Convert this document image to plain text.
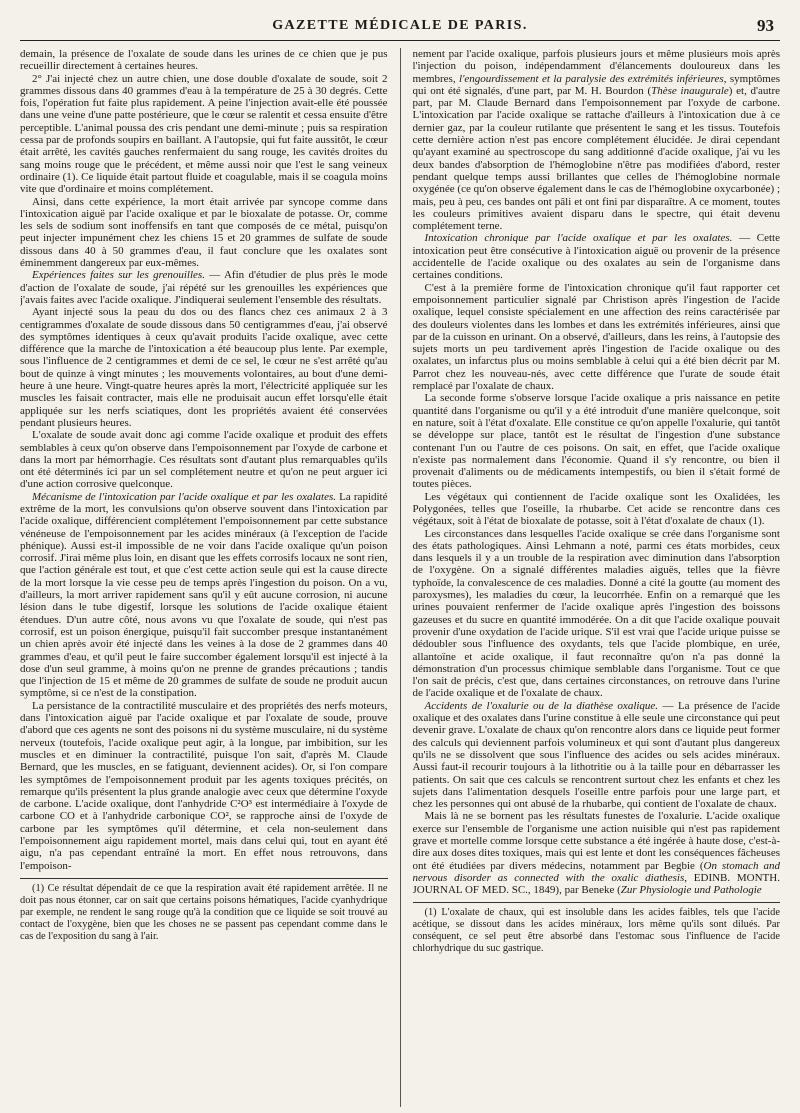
GAZETTE MÉDICALE DE PARIS.	93

demain, la présence de l'oxalate de soude dans les urines de ce chien que je pus recueillir directement à certaines heures.

2° J'ai injecté chez un autre chien, une dose double d'oxalate de soude, soit 2 grammes dissous dans 40 grammes d'eau à la température de 25 à 30 degrés. Cette fois, l'opération fut faite plus rapidement. A peine l'injection avait-elle été poussée dans une veine d'une patte postérieure, que le cœur se ralentit et cessa ensuite d'être perceptible. L'animal poussa des cris pendant une demi-minute ; puis sa respiration cessa par de profonds soupirs en baillant. A l'autopsie, qui fut faite aussitôt, le cœur était arrêté, les cavités gauches renfermaient du sang rouge, les cavités droites du sang moins rouge que le précédent, et même aussi noir que l'est le sang veineux ordinaire (1). Ce liquide était partout fluide et coagulable, mais il se coagula moins vite que d'ordinaire et moins complétement.

Ainsi, dans cette expérience, la mort était arrivée par syncope comme dans l'intoxication aiguë par l'acide oxalique et par le bioxalate de potasse. Or, comme les sels de sodium sont inoffensifs en tant que composés de ce métal, puisqu'on peut injecter impunément chez les chiens 15 et 20 grammes de sulfate de soude dissous dans 40 à 50 grammes d'eau, il faut conclure que les oxalates sont éminemment dangereux par eux-mêmes.

Expériences faites sur les grenouilles. — Afin d'étudier de plus près le mode d'action de l'oxalate de soude, j'ai répété sur les grenouilles les expériences que j'avais faites avec l'acide oxalique. J'indiquerai seulement l'ensemble des résultats.

Ayant injecté sous la peau du dos ou des flancs chez ces animaux 2 à 3 centigrammes d'oxalate de soude dissous dans 50 centigrammes d'eau, j'ai observé des symptômes identiques à ceux qu'avait produits l'acide oxalique, avec cette différence que la marche de l'intoxication a été beaucoup plus lente. Par exemple, sous l'influence de 2 centigrammes et demi de ce sel, le cœur ne s'est arrêté qu'au bout de quinze à vingt minutes ; les mouvements volontaires, au bout d'une demi-heure à une heure. Vingt-quatre heures après la mort, l'électricité appliquée sur les muscles les faisait contracter, mais elle ne produisait aucun effet lorsqu'elle était appliquée sur les nerfs sciatiques, dont les propriétés avaient été conservées pendant plusieurs heures.

L'oxalate de soude avait donc agi comme l'acide oxalique et produit des effets semblables à ceux qu'on observe dans l'empoisonnement par l'oxyde de carbone et dans la mort par hémorrhagie. Ces résultats sont d'autant plus remarquables qu'ils ont été déterminés ici par un sel complétement neutre et qu'on ne peut arguer ici d'une action corrosive quelconque.

Mécanisme de l'intoxication par l'acide oxalique et par les oxalates. La rapidité extrême de la mort, les convulsions qu'on observe souvent dans l'intoxication par l'acide oxalique, différencient complétement l'empoisonnement par cette substance vénéneuse de l'empoisonnement par les acides minéraux (à l'exception de l'acide phénique). Aussi est-il impossible de ne voir dans l'acide oxalique qu'un poison corrosif. J'irai même plus loin, en disant que les effets corrosifs locaux ne sont rien, que l'action générale est tout, et que c'est cette action seule qui est la cause directe de la mort lorsque la vie cesse peu de temps après l'ingestion du poison. On a vu, d'ailleurs, la mort arriver rapidement sans qu'il y eût aucune corrosion, ni aucune lésion dans le tube digestif, lorsque les solutions de l'acide oxalique étaient étendues. D'un autre côté, nous avons vu que l'oxalate de soude, qui n'est pas corrosif, est un poison énergique, puisqu'il fait succomber presque instantanément un chien après avoir été injecté dans les veines à la dose de 2 grammes dans 40 grammes d'eau, et qu'il peut le faire succomber également lorsqu'il est injecté à la dose d'un seul gramme, à moins qu'on ne prenne de grandes précautions ; tandis que l'injection de 15 et même de 20 grammes de sulfate de soude ne produit aucun symptôme, si ce n'est de la constipation.

La persistance de la contractilité musculaire et des propriétés des nerfs moteurs, dans l'intoxication aiguë par l'acide oxalique et par l'oxalate de soude, prouve d'abord que ces agents ne sont des poisons ni du système musculaire, ni du système nerveux (toutefois, l'acide oxalique peut agir, à la longue, par imbibition, sur les muscles et en diminuer la contractilité, puisque l'on sait, d'après M. Claude Bernard, que les muscles, en se fatiguant, deviennent acides). Or, si l'on compare les symptômes de l'empoisonnement produit par les agents toxiques précités, on remarque qu'ils présentent la plus grande analogie avec ceux que détermine l'oxyde de carbone. L'acide oxalique, dont l'anhydride C²O³ est intermédiaire à l'oxyde de carbone CO et à l'anhydride carbonique CO², se rapproche ainsi de l'oxyde de carbone par les symptômes qu'il détermine, et cela non-seulement dans l'empoisonnement aigu rapidement mortel, mais dans celui qui, tout en ayant été aigu, n'a pas cependant entraîné la mort. En effet nous retrouvons, dans l'empoison-

(1) Ce résultat dépendait de ce que la respiration avait été rapidement arrêtée. Il ne doit pas nous étonner, car on sait que certains poisons hématiques, l'acide cyanhydrique par exemple, ne rendent le sang rouge qu'à la condition que ce liquide se soit trouvé au contact de l'oxygène, bien que les choses ne se passent pas cependant comme dans le cas de l'exposition du sang à l'air.

nement par l'acide oxalique, parfois plusieurs jours et même plusieurs mois après l'injection du poison, indépendamment d'élancements douloureux dans les membres, l'engourdissement et la paralysie des extrémités inférieures, symptômes qui ont été signalés, d'une part, par M. H. Bourdon (Thèse inaugurale) et, d'autre part, par M. Claude Bernard dans l'empoisonnement par l'oxyde de carbone. L'intoxication par l'acide oxalique se rattache d'ailleurs à l'intoxication due à ce dernier gaz, par la couleur rutilante que présentent le sang et les tissus. Toutefois cette dernière action n'est pas encore complétement élucidée. Je dirai cependant qu'ayant examiné au spectroscope du sang additionné d'acide oxalique, j'ai vu les deux bandes d'absorption de l'hémoglobine n'être pas modifiées d'abord, rester pendant quelque temps aussi brillantes que celles de l'hémoglobine normale oxygénée (ce qu'on observe également dans le cas de l'hémoglobine oxycarbonée) ; mais, peu à peu, ces bandes ont pâli et ont fini par disparaître. A ce moment, toutes les couleurs primitives avaient disparu dans le spectre, qui était devenu complétement terne.

Intoxication chronique par l'acide oxalique et par les oxalates. — Cette intoxication peut être consécutive à l'intoxication aiguë ou provenir de la présence accidentelle de l'acide oxalique ou des oxalates au sein de l'organisme dans certaines conditions.

C'est à la première forme de l'intoxication chronique qu'il faut rapporter cet empoisonnement particulier signalé par Christison après l'ingestion de l'acide oxalique, lequel consiste spécialement en une affection des reins caractérisée par des douleurs violentes dans les lombes et dans les extrémités inférieures, ainsi que par de la cuisson en urinant. On a observé, d'ailleurs, dans les reins, à l'autopsie des sujets morts un peu tardivement après l'ingestion de l'acide oxalique ou des oxalates, un infarctus plus ou moins semblable à celui qui a été bien décrit par M. Parrot chez les nouveau-nés, avec cette différence que l'urate de soude était remplacé par l'oxalate de chaux.

La seconde forme s'observe lorsque l'acide oxalique a pris naissance en petite quantité dans l'organisme ou qu'il y a été introduit d'une manière quelconque, soit en nature, soit à l'état d'oxalate. Elle constitue ce qu'on appelle l'oxalurie, qui tantôt se développe sur place, tantôt est le résultat de l'ingestion d'une substance contenant l'un ou l'autre de ces poisons. On sait, en effet, que l'acide oxalique n'existe pas normalement dans l'économie. Quand il s'y rencontre, ou bien il provenait d'aliments ou de médicaments intempestifs, ou bien il s'était formé de toutes pièces.

Les végétaux qui contiennent de l'acide oxalique sont les Oxalidées, les Polygonées, telles que l'oseille, la rhubarbe. Cet acide se rencontre dans ces végétaux, soit à l'état de bioxalate de potasse, soit à l'état d'oxalate de chaux (1).

Les circonstances dans lesquelles l'acide oxalique se crée dans l'organisme sont des états pathologiques. Ainsi Lehmann a noté, parmi ces états morbides, ceux dans lesquels il y a un trouble de la respiration avec diminution dans l'absorption de l'oxygène. On a signalé différentes maladies aiguës, telles que la fièvre typhoïde, la convalescence de ces maladies. Donné a cité la goutte (au moment des paroxysmes), les maladies du cœur, la leucorrhée. Enfin on a remarqué que les urines pouvaient renfermer de l'acide oxalique après l'ingestion des boissons gazeuses et du sucre en quantité immodérée. On a dit que l'acide oxalique pouvait provenir d'une oxydation de l'acide urique. S'il est vrai que l'acide urique puisse se dédoubler sous l'influence des oxydants, tels que l'acide plombique, en urée, allantoïne et acide oxalique, il faut reconnaître qu'on n'a pas donné la démonstration d'un processus chimique semblable dans l'organisme. Tout ce que l'on sait de précis, c'est que, dans certaines circonstances, on retrouve dans l'urine de l'acide oxalique et de l'oxalate de chaux.

Accidents de l'oxalurie ou de la diathèse oxalique. — La présence de l'acide oxalique et des oxalates dans l'urine constitue à elle seule une circonstance qui peut devenir grave. L'oxalate de chaux qu'on rencontre alors dans ce liquide peut former des calculs qui deviennent parfois volumineux et qui sont d'autant plus dangereux qu'ils ne se dissolvent que sous l'influence des acides ou sels acides minéraux. Aussi faut-il recourir toujours à la lithotritie ou à la taille pour en débarrasser les patients. On sait que ces calculs se rencontrent surtout chez les enfants et chez les sujets dans l'alimentation desquels l'oseille entre parfois pour une large part, et chez les personnes qui ont abusé de la rhubarbe, qui contient de l'oxalate de chaux.

Mais là ne se bornent pas les résultats funestes de l'oxalurie. L'acide oxalique exerce sur l'ensemble de l'organisme une action nuisible qui n'est pas rapidement grave et mortelle comme lorsque cette substance a été ingérée à haute dose, c'est-à-dire aux doses dites toxiques, mais qui est lente et dont les conséquences fâcheuses ont été étudiées par divers médecins, notamment par Begbie (On stomach and nervous disorder as connected with the oxalic diathesis, EDINB. MONTH. JOURNAL OF MED. SC., 1849), par Beneke (Zur Physiologie und Pathologie

(1) L'oxalate de chaux, qui est insoluble dans les acides faibles, tels que l'acide acétique, se dissout dans les acides minéraux, lors même qu'ils sont dilués. Par conséquent, ce sel peut être absorbé dans l'estomac sous l'influence de l'acide chlorhydrique du suc gastrique.
